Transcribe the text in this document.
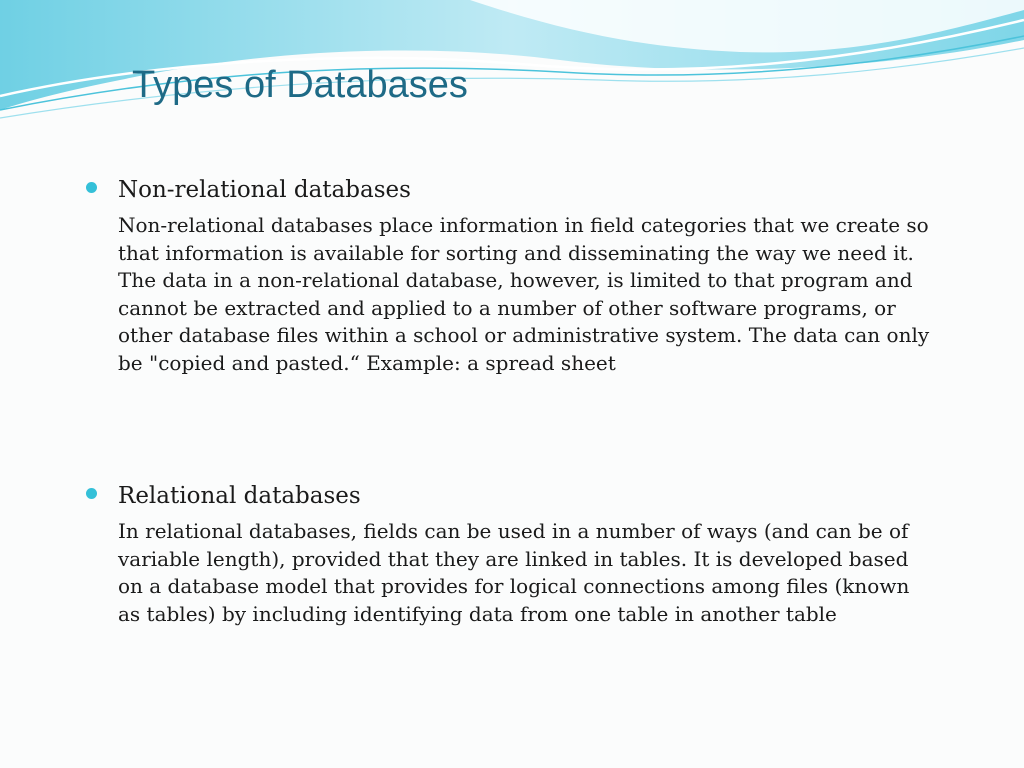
Types of Databases
Non-relational databases

Non-relational databases place information in field categories that we create so that information is available for sorting and disseminating the way we need it. The data in a non-relational database, however, is limited to that program and cannot be extracted and applied to a number of other software programs, or other database files within a school or administrative system. The data can only be "copied and pasted.“ Example: a spread sheet

Relational databases

In relational databases, fields can be used in a number of ways (and can be of variable length), provided that they are linked in tables. It is developed based on a database model that provides for logical connections among files (known as tables) by including identifying data from one table in another table
